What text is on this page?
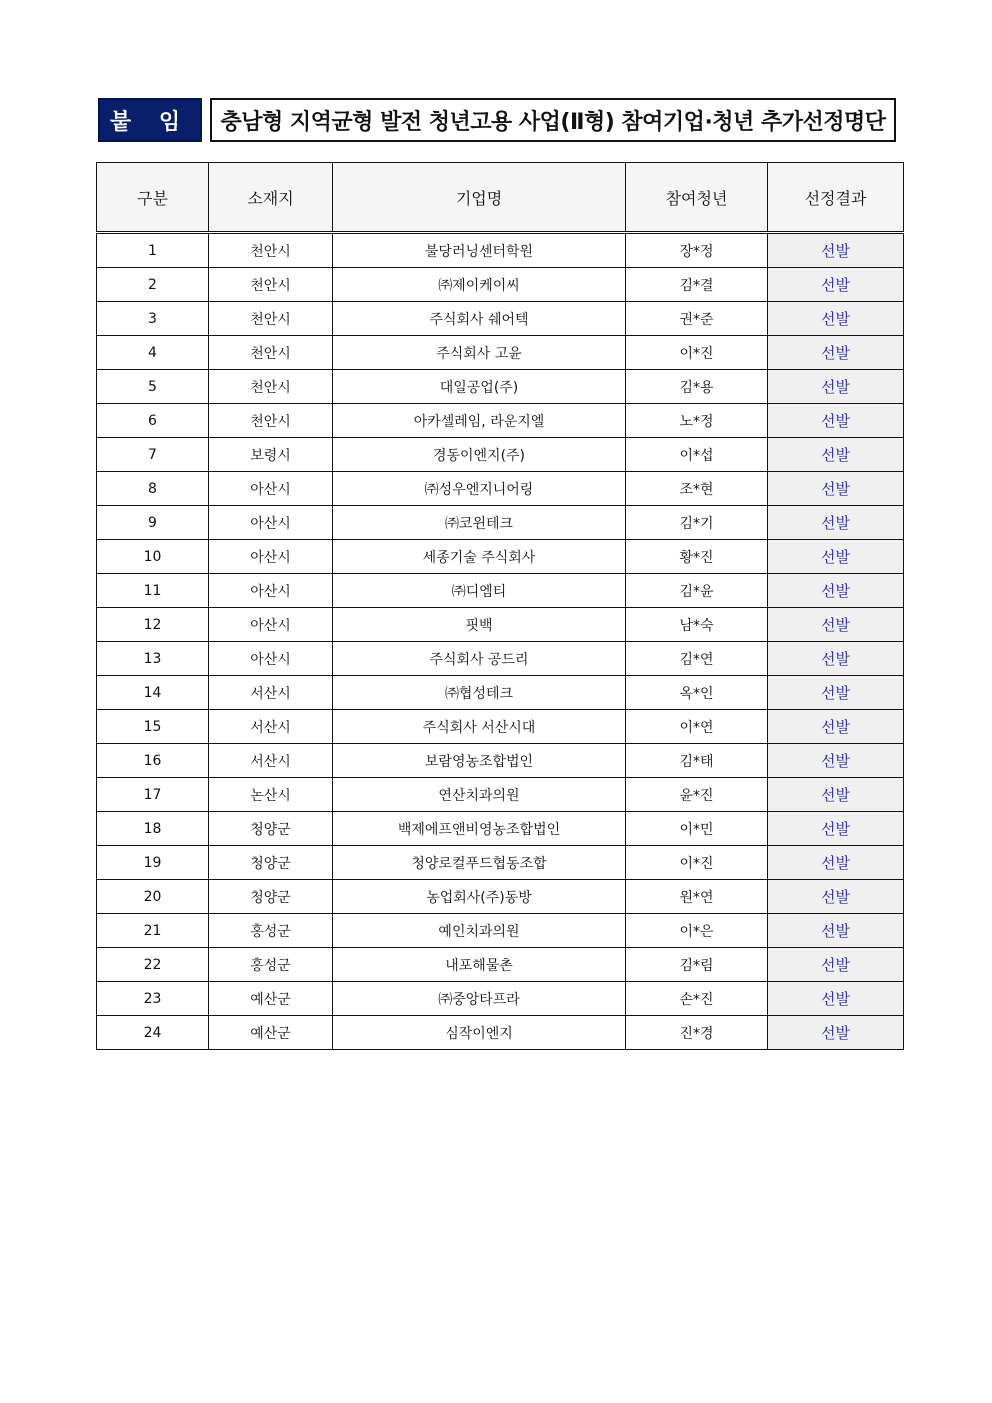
붙 임	충남형 지역균형 발전 청년고용 사업(Ⅱ형) 참여기업·청년 추가선정명단
구분	소재지	기업명	참여청년	선정결과
1	천안시	불당러닝센터학원	장*정	선발
2	천안시	㈜제이케이씨	김*결	선발
3	천안시	주식회사 쉐어텍	권*준	선발
4	천안시	주식회사 고윤	이*진	선발
5	천안시	대일공업(주)	김*용	선발
6	천안시	아카셀레임, 라운지엘	노*정	선발
7	보령시	경동이엔지(주)	이*섭	선발
8	아산시	㈜성우엔지니어링	조*현	선발
9	아산시	㈜코윈테크	김*기	선발
10	아산시	세종기술 주식회사	황*진	선발
11	아산시	㈜디엠티	김*윤	선발
12	아산시	핏백	남*숙	선발
13	아산시	주식회사 공드리	김*연	선발
14	서산시	㈜협성테크	옥*인	선발
15	서산시	주식회사 서산시대	이*연	선발
16	서산시	보람영농조합법인	김*태	선발
17	논산시	연산치과의원	윤*진	선발
18	청양군	백제에프앤비영농조합법인	이*민	선발
19	청양군	청양로컬푸드협동조합	이*진	선발
20	청양군	농업회사(주)동방	원*연	선발
21	홍성군	예인치과의원	이*은	선발
22	홍성군	내포해물촌	김*림	선발
23	예산군	㈜중앙타프라	손*진	선발
24	예산군	심작이엔지	진*경	선발
